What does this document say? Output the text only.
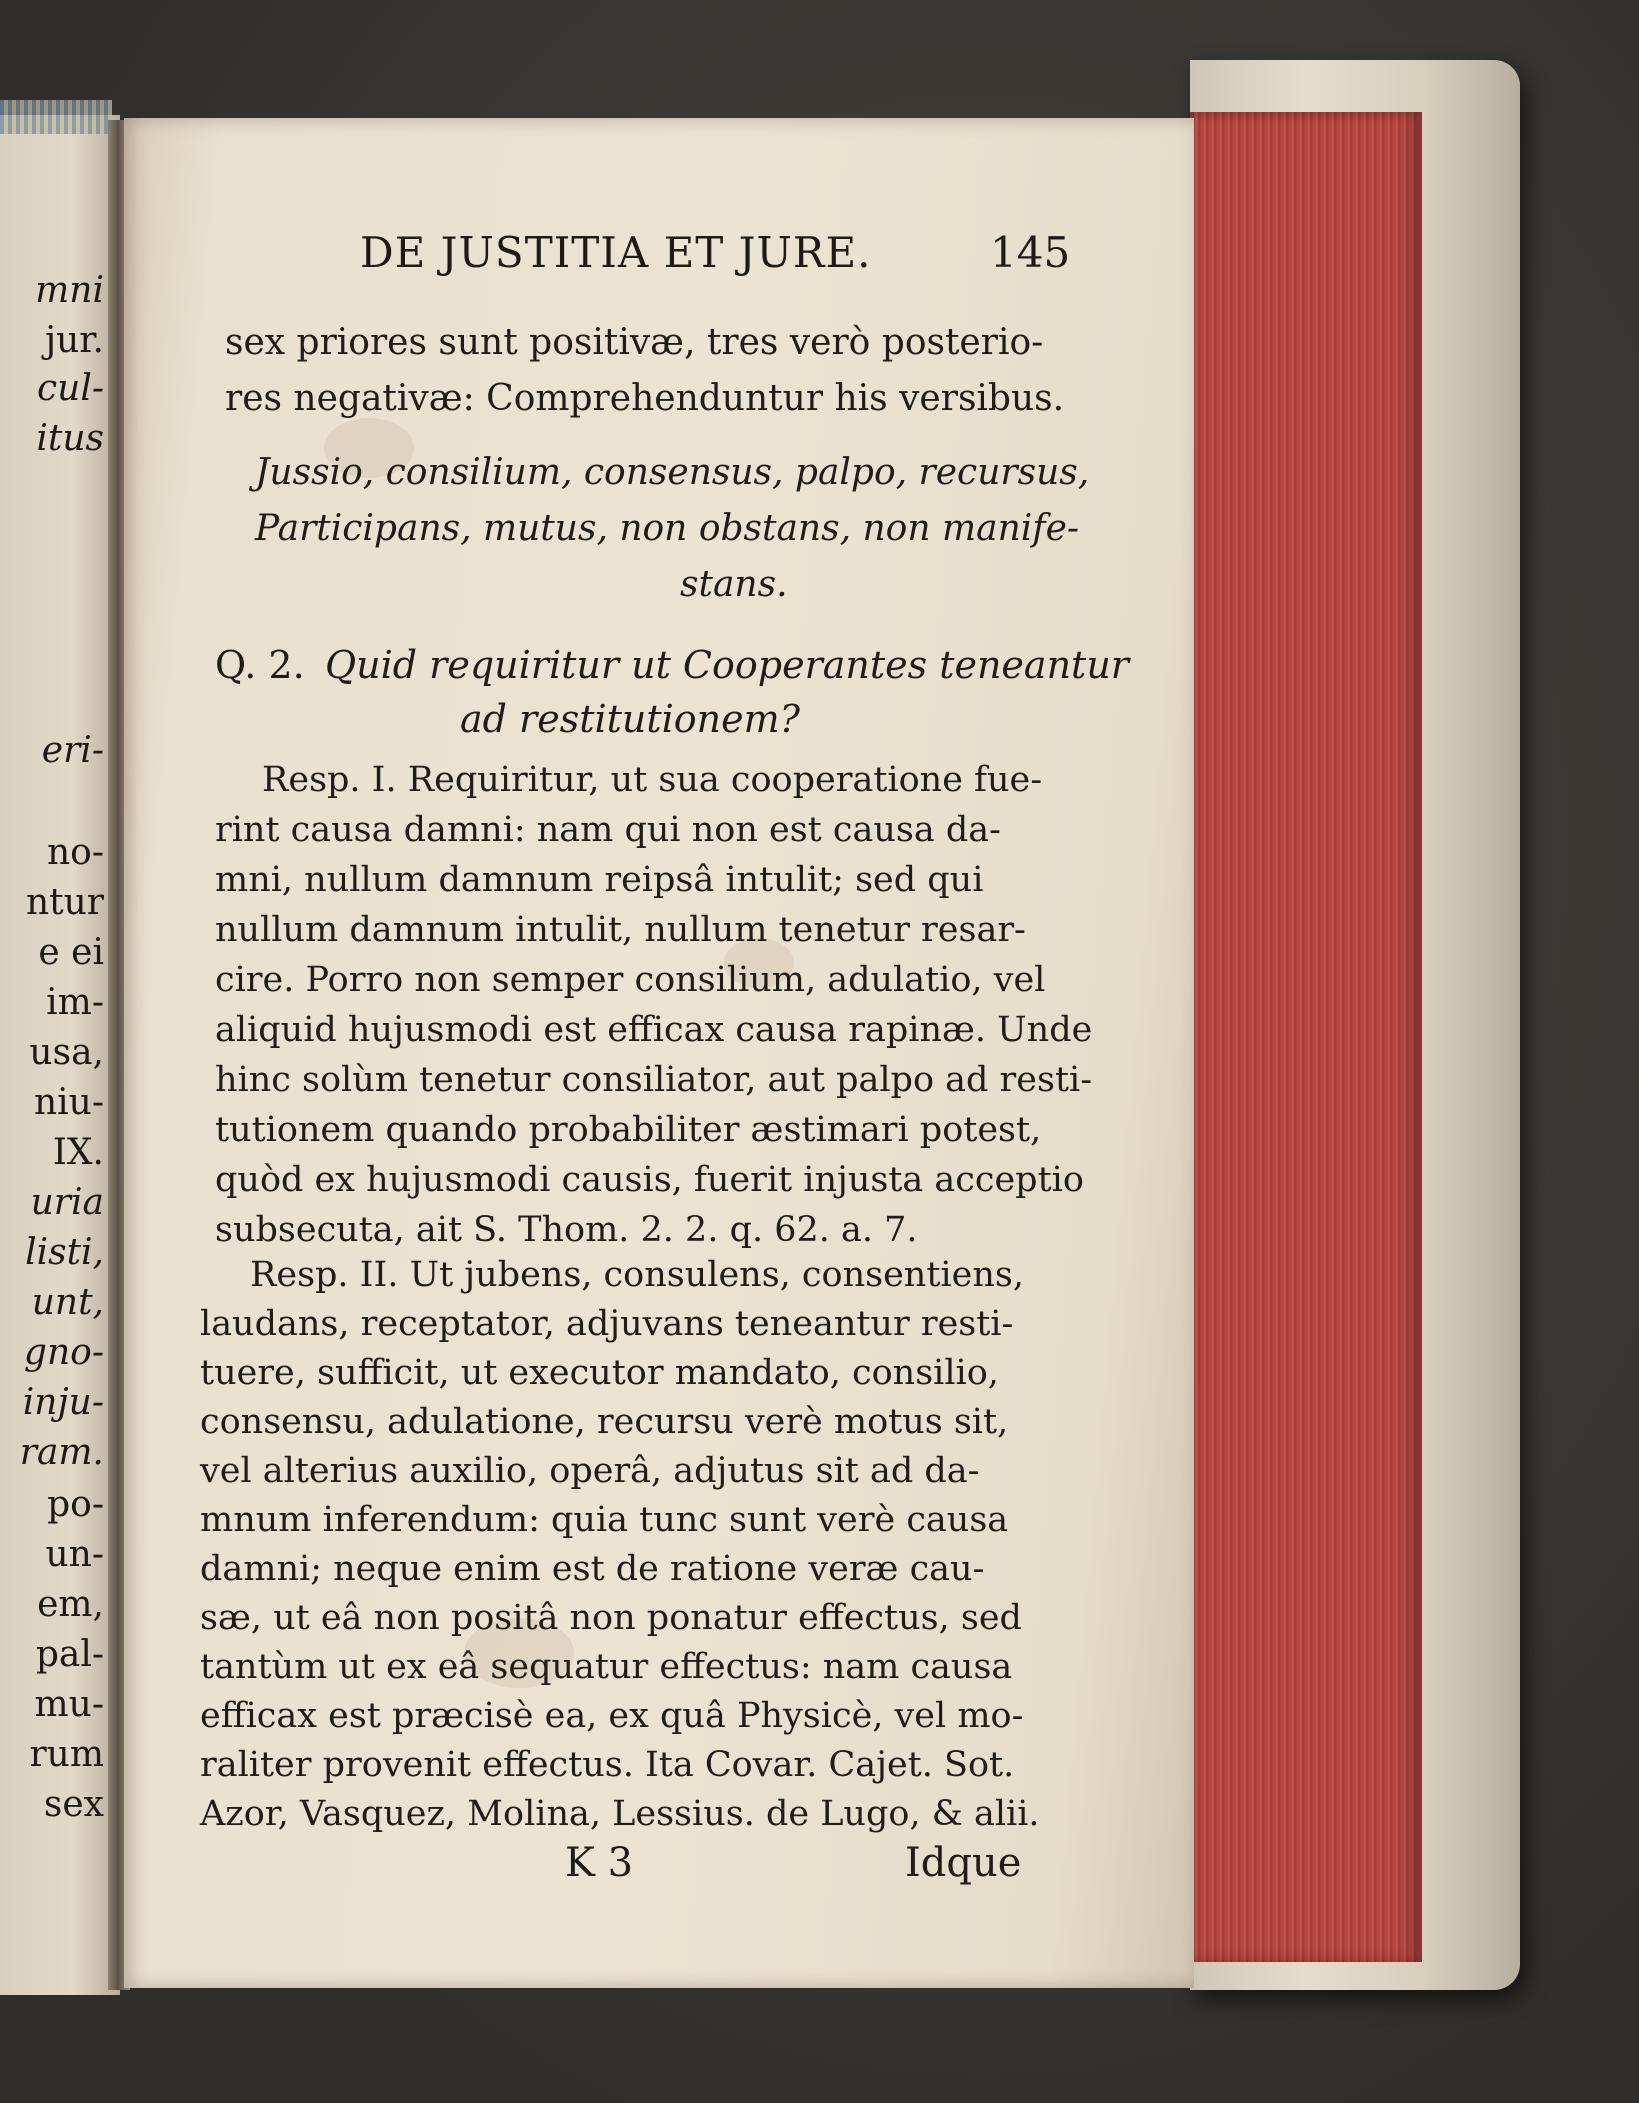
mni
jur.
cul-
itus
eri-
no-
ntur
e ei
im-
usa,
niu-
IX.
uria
listi,
unt,
gno-
inju-
ram.
po-
un-
em,
pal-
mu-
rum
sex
DE JUSTITIA ET JURE.	145
sex priores sunt positivæ, tres verò posterio-
res negativæ: Comprehenduntur his versibus.
Jussio, consilium, consensus, palpo, recursus,
Participans, mutus, non obstans, non manife-
stans.
Q. 2. Quid requiritur ut Cooperantes teneantur
ad restitutionem?
Resp. I. Requiritur, ut sua cooperatione fue-
rint causa damni: nam qui non est causa da-
mni, nullum damnum reipsâ intulit; sed qui
nullum damnum intulit, nullum tenetur resar-
cire. Porro non semper consilium, adulatio, vel
aliquid hujusmodi est efficax causa rapinæ. Unde
hinc solùm tenetur consiliator, aut palpo ad resti-
tutionem quando probabiliter æstimari potest,
quòd ex hujusmodi causis, fuerit injusta acceptio
subsecuta, ait S. Thom. 2. 2. q. 62. a. 7.
Resp. II. Ut jubens, consulens, consentiens,
laudans, receptator, adjuvans teneantur resti-
tuere, sufficit, ut executor mandato, consilio,
consensu, adulatione, recursu verè motus sit,
vel alterius auxilio, operâ, adjutus sit ad da-
mnum inferendum: quia tunc sunt verè causa
damni; neque enim est de ratione veræ cau-
sæ, ut eâ non positâ non ponatur effectus, sed
tantùm ut ex eâ sequatur effectus: nam causa
efficax est præcisè ea, ex quâ Physicè, vel mo-
raliter provenit effectus. Ita Covar. Cajet. Sot.
Azor, Vasquez, Molina, Lessius. de Lugo, & alii.
K 3	Idque
